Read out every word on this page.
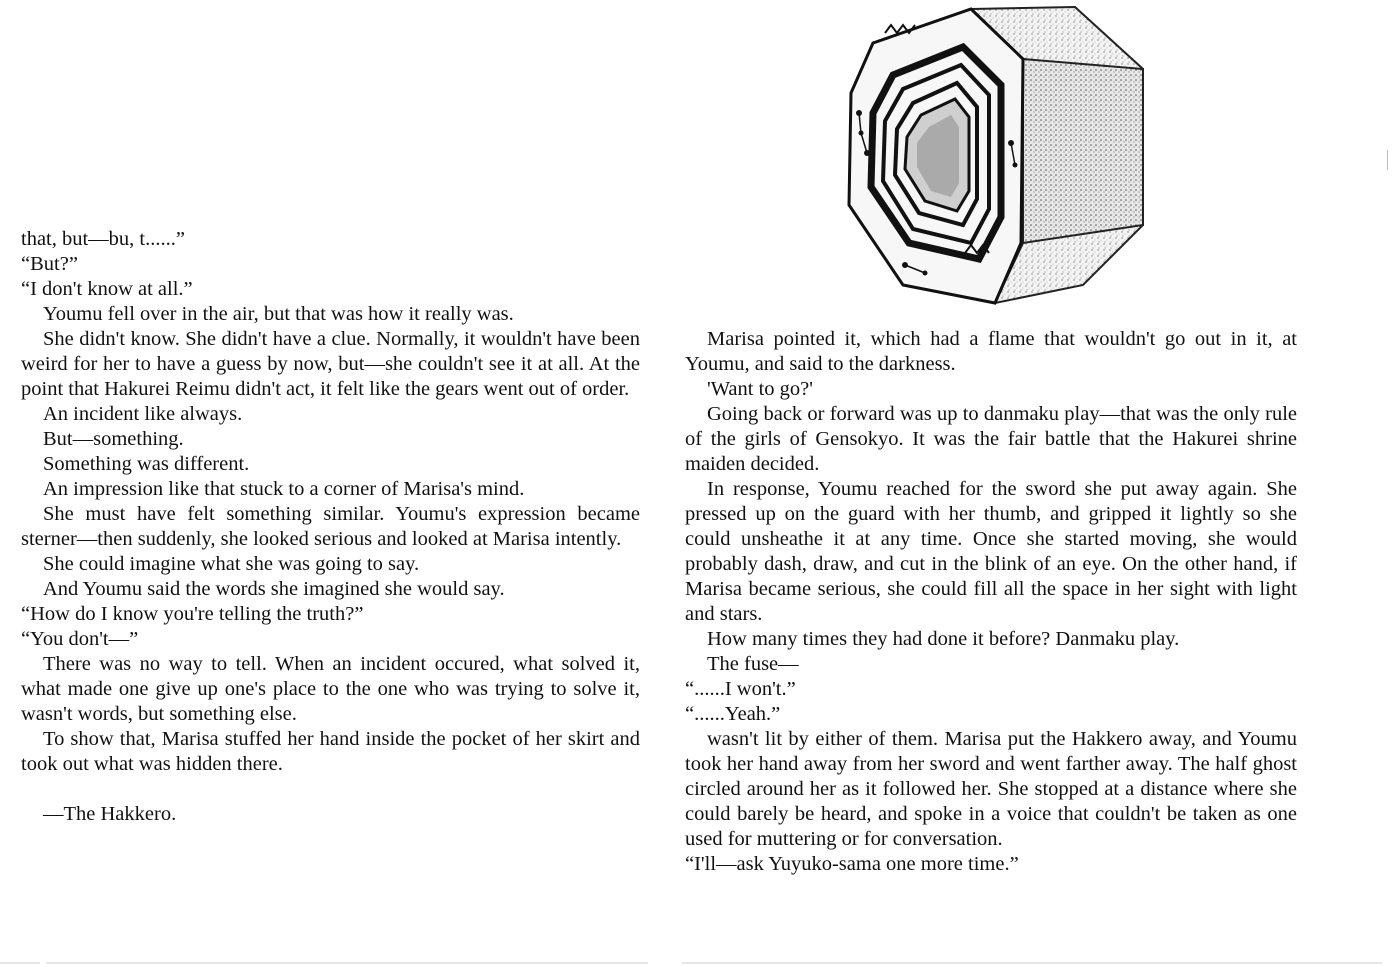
that, but—bu, t......”

“But?”

“I don't know at all.”

Youmu fell over in the air, but that was how it really was.

She didn't know. She didn't have a clue. Normally, it wouldn't have been weird for her to have a guess by now, but—she couldn't see it at all. At the point that Hakurei Reimu didn't act, it felt like the gears went out of order.

An incident like always.

But—something.

Something was different.

An impression like that stuck to a corner of Marisa's mind.

She must have felt something similar. Youmu's expression became sterner—then suddenly, she looked serious and looked at Marisa intently.

She could imagine what she was going to say.

And Youmu said the words she imagined she would say.

“How do I know you're telling the truth?”

“You don't—”

There was no way to tell. When an incident occured, what solved it, what made one give up one's place to the one who was trying to solve it, wasn't words, but something else.

To show that, Marisa stuffed her hand inside the pocket of her skirt and took out what was hidden there.

—The Hakkero.

Marisa pointed it, which had a flame that wouldn't go out in it, at Youmu, and said to the darkness.

'Want to go?'

Going back or forward was up to danmaku play—that was the only rule of the girls of Gensokyo. It was the fair battle that the Hakurei shrine maiden decided.

In response, Youmu reached for the sword she put away again. She pressed up on the guard with her thumb, and gripped it lightly so she could unsheathe it at any time. Once she started moving, she would probably dash, draw, and cut in the blink of an eye. On the other hand, if Marisa became serious, she could fill all the space in her sight with light and stars.

How many times they had done it before? Danmaku play.

The fuse—

“......I won't.”

“......Yeah.”

wasn't lit by either of them. Marisa put the Hakkero away, and Youmu took her hand away from her sword and went farther away. The half ghost circled around her as it followed her. She stopped at a distance where she could barely be heard, and spoke in a voice that couldn't be taken as one used for muttering or for conversation.

“I'll—ask Yuyuko-sama one more time.”
